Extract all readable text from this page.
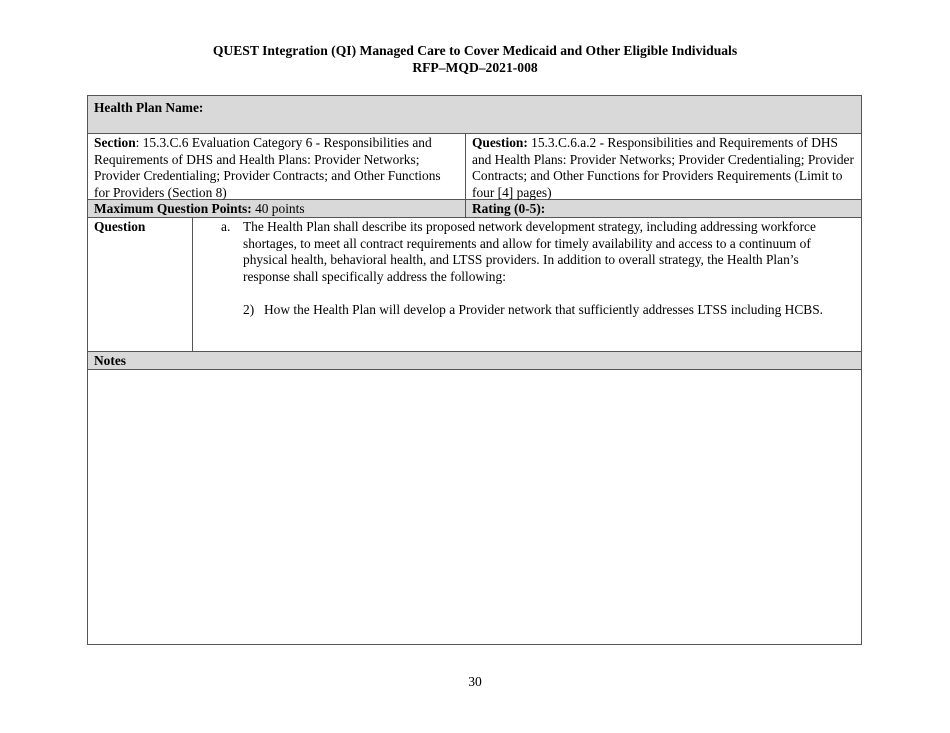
QUEST Integration (QI) Managed Care to Cover Medicaid and Other Eligible Individuals
RFP–MQD–2021-008
Health Plan Name:
Section: 15.3.C.6 Evaluation Category 6 - Responsibilities and Requirements of DHS and Health Plans: Provider Networks; Provider Credentialing; Provider Contracts; and Other Functions for Providers (Section 8)
Question: 15.3.C.6.a.2 - Responsibilities and Requirements of DHS and Health Plans: Provider Networks; Provider Credentialing; Provider Contracts; and Other Functions for Providers Requirements (Limit to four [4] pages)
Maximum Question Points: 40 points	Rating (0-5):
Question	a. The Health Plan shall describe its proposed network development strategy, including addressing workforce shortages, to meet all contract requirements and allow for timely availability and access to a continuum of physical health, behavioral health, and LTSS providers. In addition to overall strategy, the Health Plan’s response shall specifically address the following:
2) How the Health Plan will develop a Provider network that sufficiently addresses LTSS including HCBS.
Notes
30
